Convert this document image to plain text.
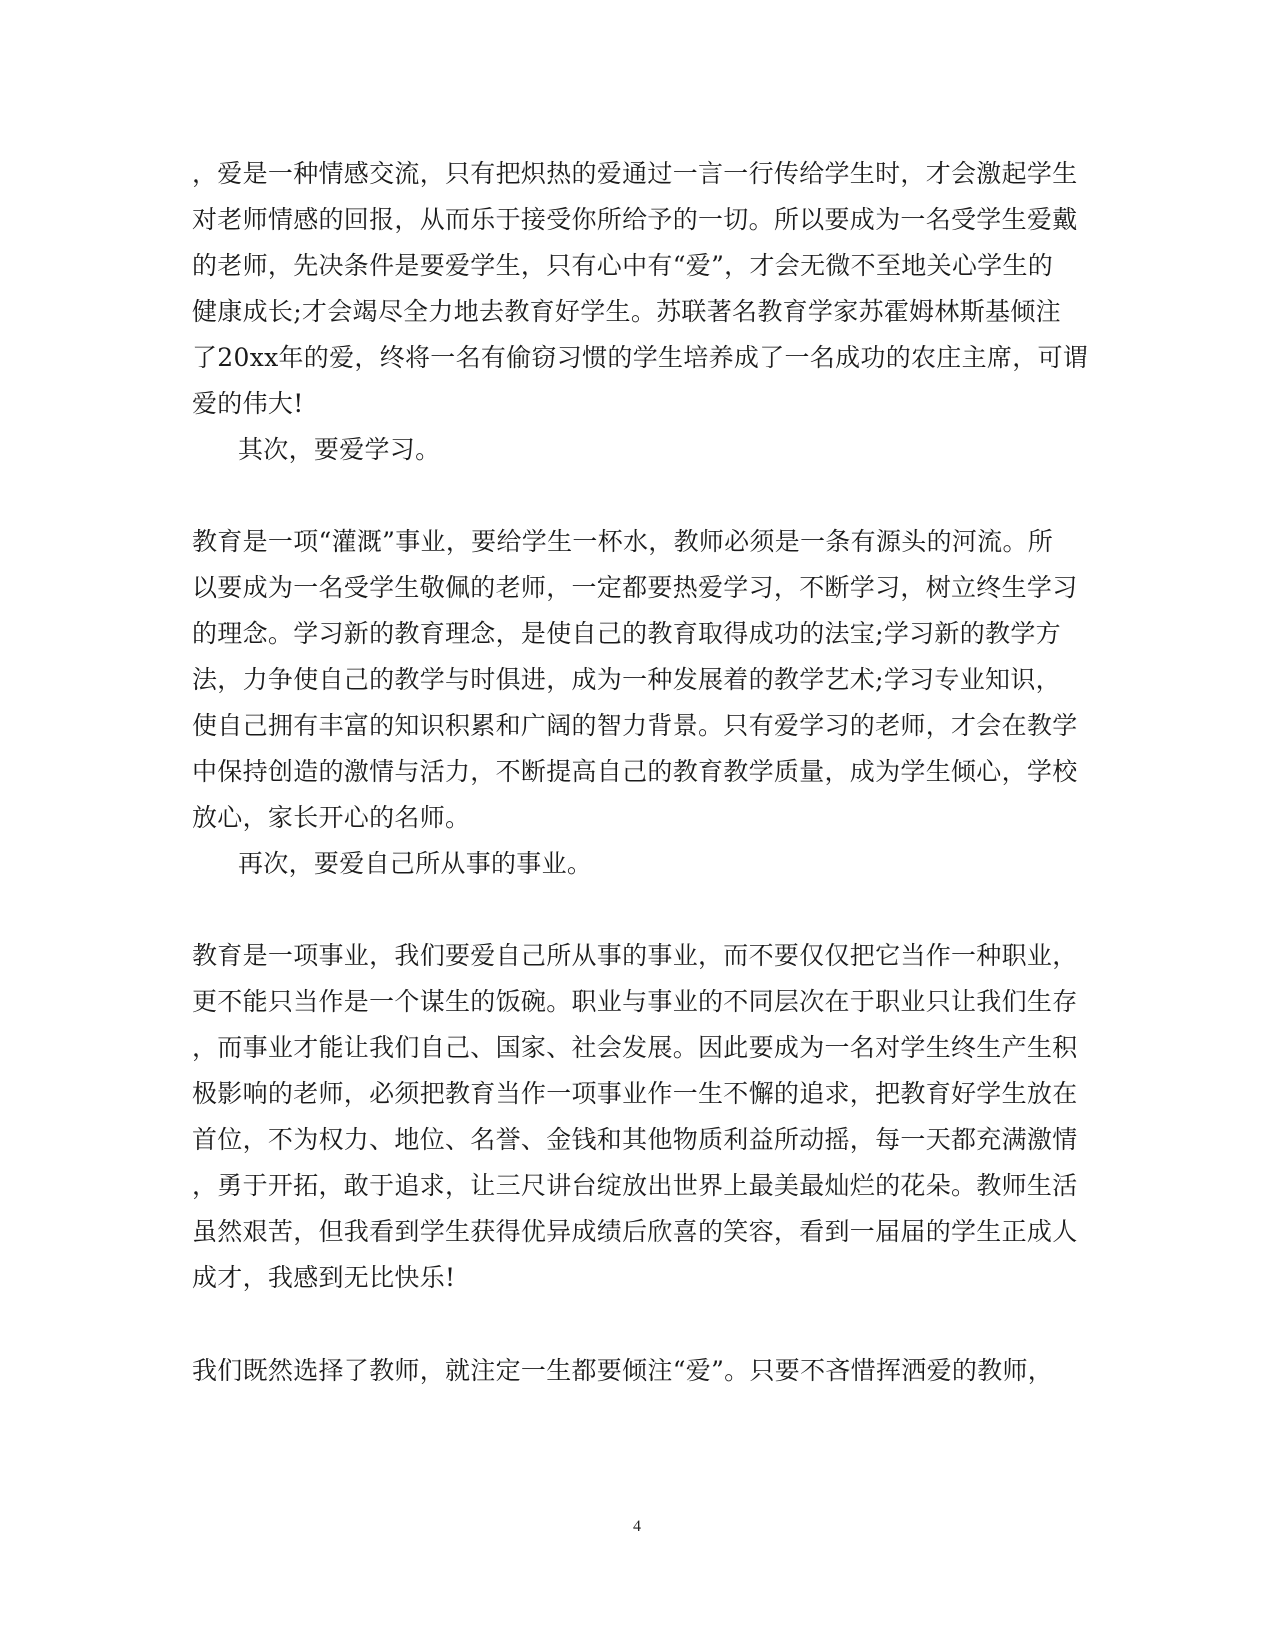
，爱是一种情感交流，只有把炽热的爱通过一言一行传给学生时，才会激起学生
对老师情感的回报，从而乐于接受你所给予的一切。所以要成为一名受学生爱戴
的老师，先决条件是要爱学生，只有心中有“爱”，才会无微不至地关心学生的
健康成长;才会竭尽全力地去教育好学生。苏联著名教育学家苏霍姆林斯基倾注
了20xx年的爱，终将一名有偷窃习惯的学生培养成了一名成功的农庄主席，可谓
爱的伟大!
其次，要爱学习。
教育是一项“灌溉”事业，要给学生一杯水，教师必须是一条有源头的河流。所
以要成为一名受学生敬佩的老师，一定都要热爱学习，不断学习，树立终生学习
的理念。学习新的教育理念，是使自己的教育取得成功的法宝;学习新的教学方
法，力争使自己的教学与时俱进，成为一种发展着的教学艺术;学习专业知识，
使自己拥有丰富的知识积累和广阔的智力背景。只有爱学习的老师，才会在教学
中保持创造的激情与活力，不断提高自己的教育教学质量，成为学生倾心，学校
放心，家长开心的名师。
再次，要爱自己所从事的事业。
教育是一项事业，我们要爱自己所从事的事业，而不要仅仅把它当作一种职业，
更不能只当作是一个谋生的饭碗。职业与事业的不同层次在于职业只让我们生存
，而事业才能让我们自己、国家、社会发展。因此要成为一名对学生终生产生积
极影响的老师，必须把教育当作一项事业作一生不懈的追求，把教育好学生放在
首位，不为权力、地位、名誉、金钱和其他物质利益所动摇，每一天都充满激情
，勇于开拓，敢于追求，让三尺讲台绽放出世界上最美最灿烂的花朵。教师生活
虽然艰苦，但我看到学生获得优异成绩后欣喜的笑容，看到一届届的学生正成人
成才，我感到无比快乐!
我们既然选择了教师，就注定一生都要倾注“爱”。只要不吝惜挥洒爱的教师，
4
